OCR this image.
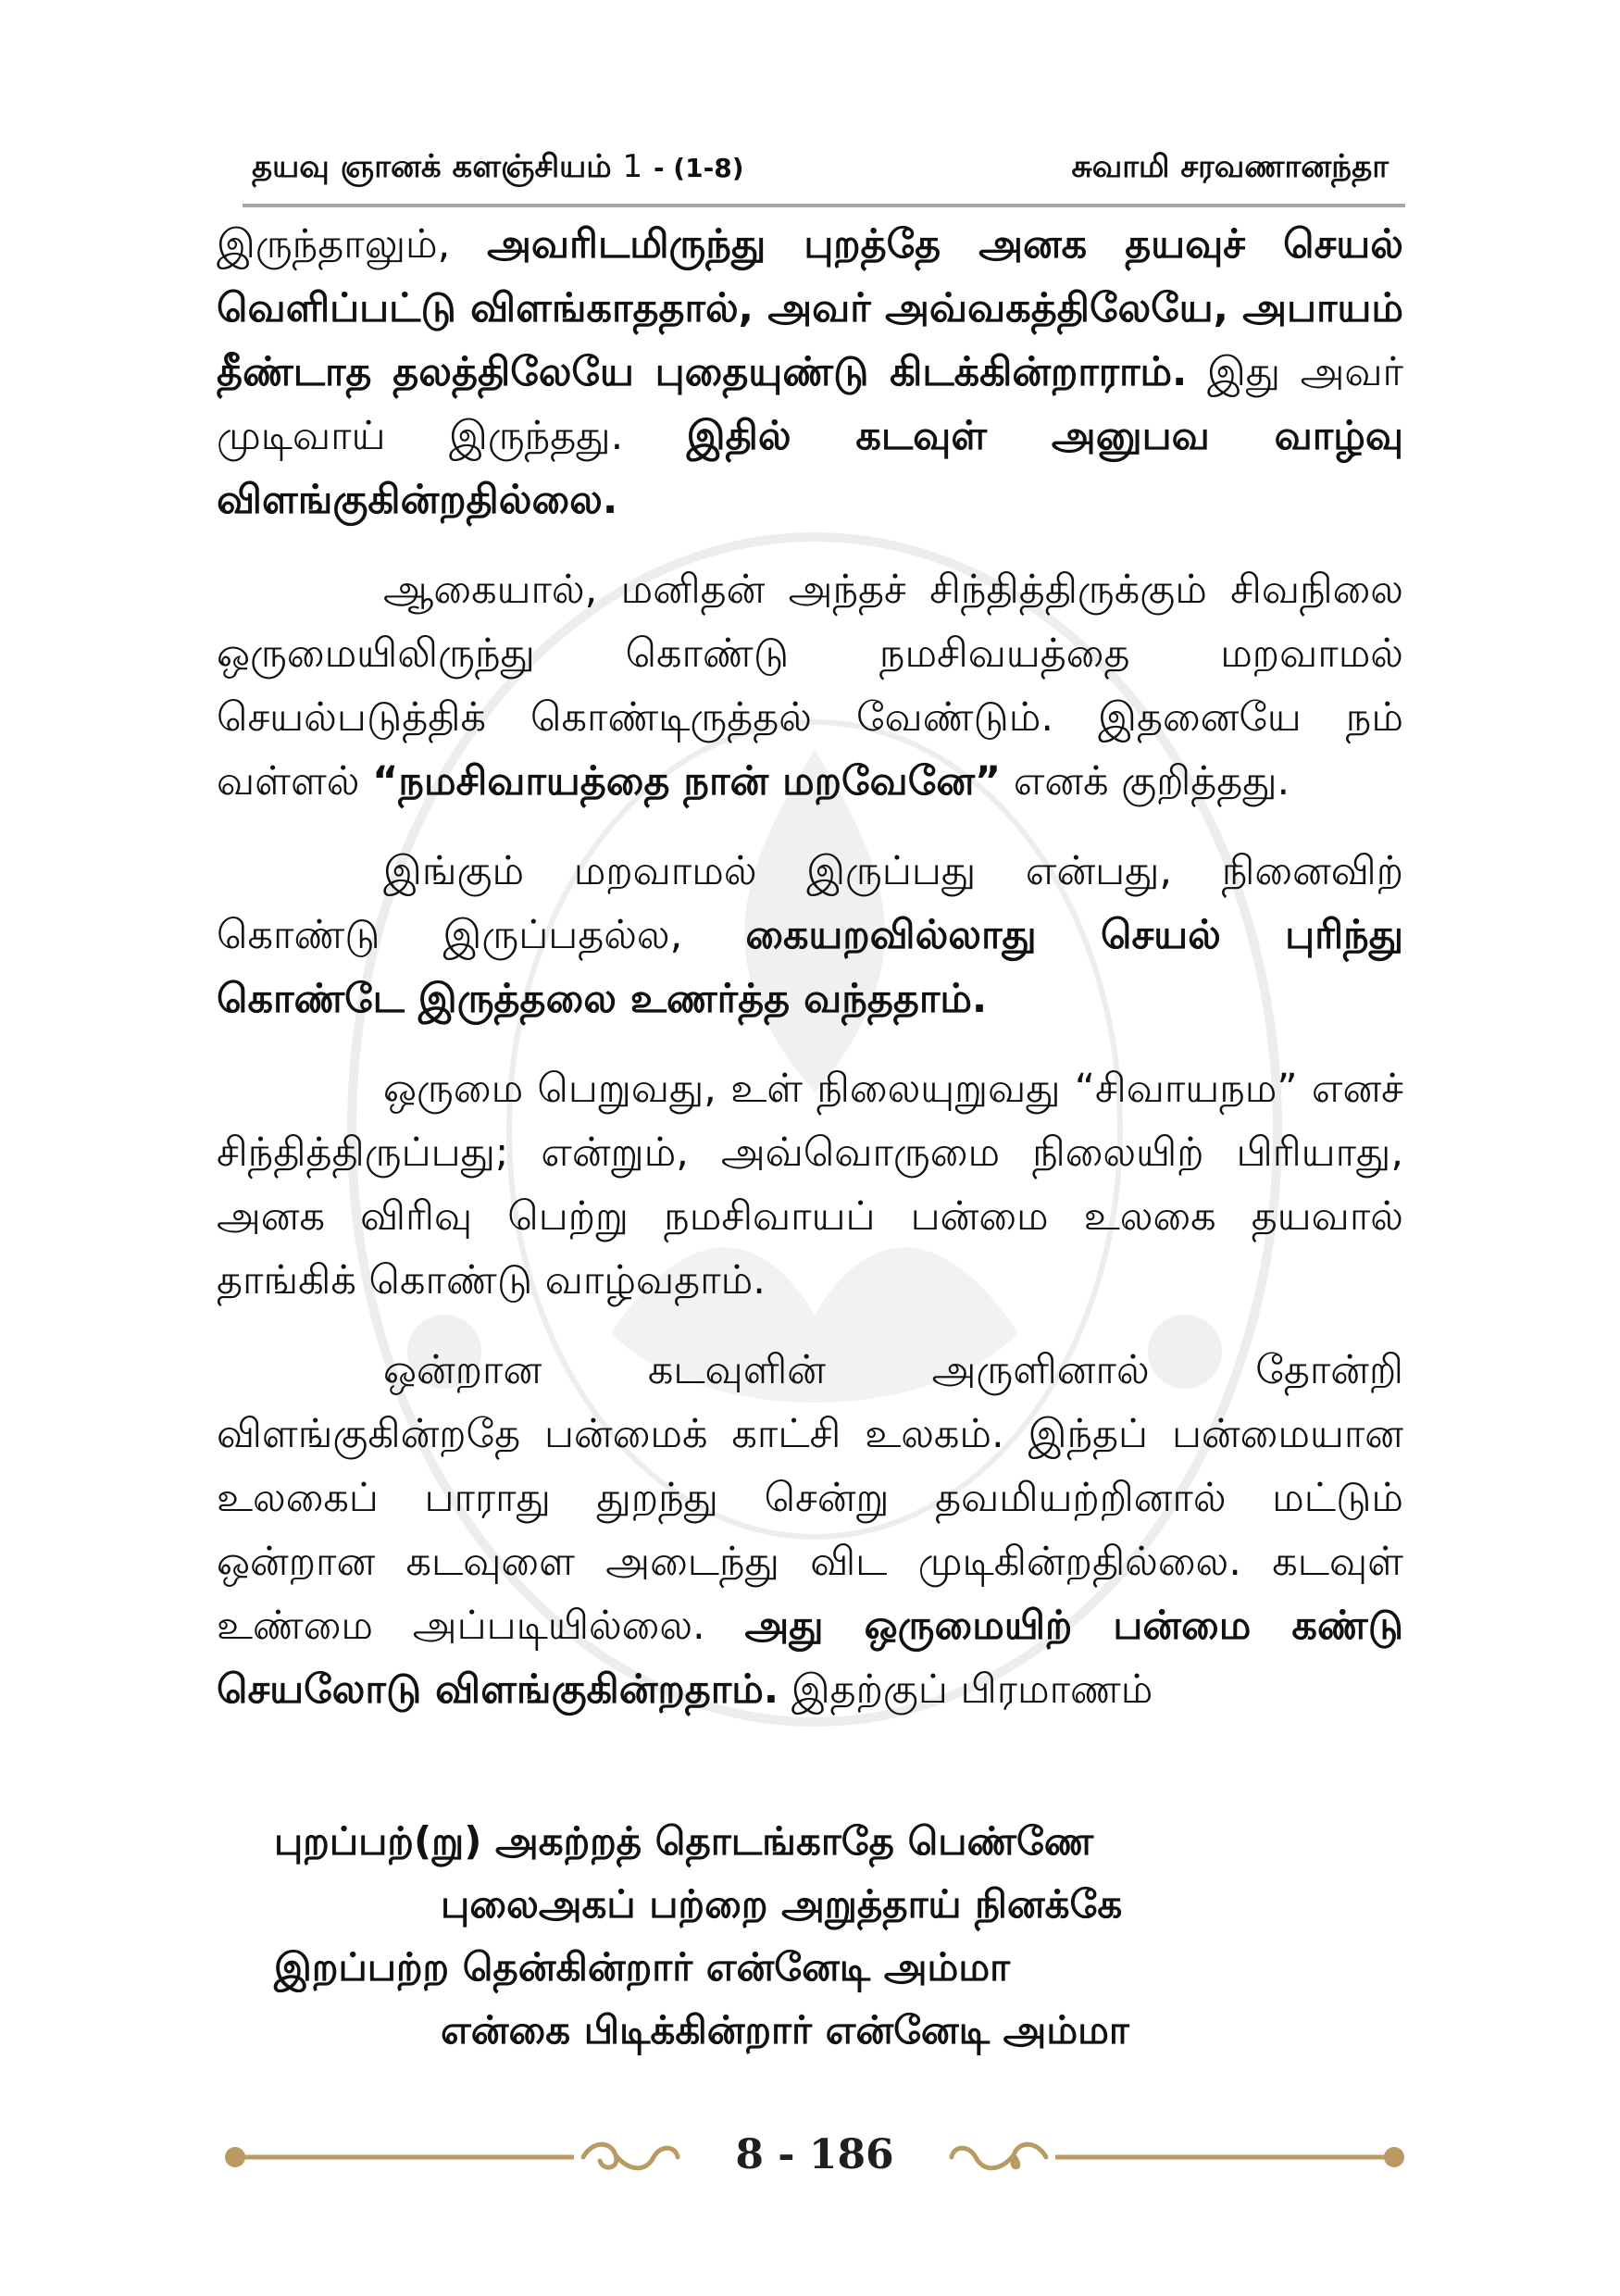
தயவு ஞானக் களஞ்சியம் 1 - (1-8)	சுவாமி சரவணானந்தா

இருந்தாலும், அவரிடமிருந்து புறத்தே அனக தயவுச் செயல் வெளிப்பட்டு விளங்காததால், அவர் அவ்வகத்திலேயே, அபாயம் தீண்டாத தலத்திலேயே புதையுண்டு கிடக்கின்றாராம். இது அவர் முடிவாய் இருந்தது. இதில் கடவுள் அனுபவ வாழ்வு விளங்குகின்றதில்லை.

ஆகையால், மனிதன் அந்தச் சிந்தித்திருக்கும் சிவநிலை ஒருமையிலிருந்து கொண்டு நமசிவயத்தை மறவாமல் செயல்படுத்திக் கொண்டிருத்தல் வேண்டும். இதனையே நம் வள்ளல் “நமசிவாயத்தை நான் மறவேனே” எனக் குறித்தது.

இங்கும் மறவாமல் இருப்பது என்பது, நினைவிற் கொண்டு இருப்பதல்ல, கையறவில்லாது செயல் புரிந்து கொண்டே இருத்தலை உணர்த்த வந்ததாம்.

ஒருமை பெறுவது, உள் நிலையுறுவது “சிவாயநம” எனச் சிந்தித்திருப்பது; என்றும், அவ்வொருமை நிலையிற் பிரியாது, அனக விரிவு பெற்று நமசிவாயப் பன்மை உலகை தயவால் தாங்கிக் கொண்டு வாழ்வதாம்.

ஒன்றான கடவுளின் அருளினால் தோன்றி விளங்குகின்றதே பன்மைக் காட்சி உலகம். இந்தப் பன்மையான உலகைப் பாராது துறந்து சென்று தவமியற்றினால் மட்டும் ஒன்றான கடவுளை அடைந்து விட முடிகின்றதில்லை. கடவுள் உண்மை அப்படியில்லை. அது ஒருமையிற் பன்மை கண்டு செயலோடு விளங்குகின்றதாம். இதற்குப் பிரமாணம்

புறப்பற்(று) அகற்றத் தொடங்காதே பெண்ணே
புலைஅகப் பற்றை அறுத்தாய் நினக்கே
இறப்பற்ற தென்கின்றார் என்னேடி அம்மா
என்கை பிடிக்கின்றார் என்னேடி அம்மா
8 - 186
